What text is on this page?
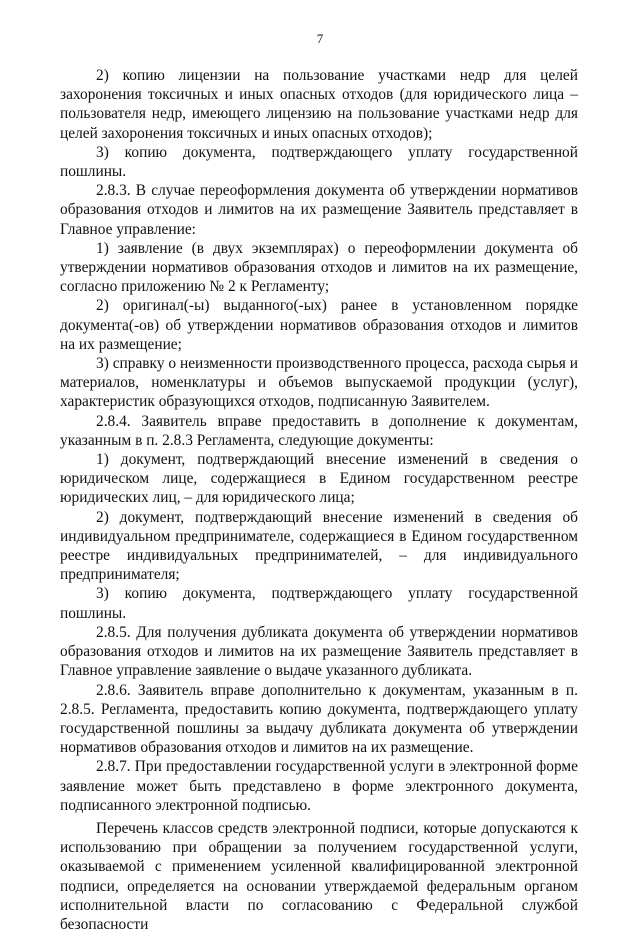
7

2) копию лицензии на пользование участками недр для целей захоронения токсичных и иных опасных отходов (для юридического лица – пользователя недр, имеющего лицензию на пользование участками недр для целей захоронения токсичных и иных опасных отходов);

3) копию документа, подтверждающего уплату государственной пошлины.

2.8.3. В случае переоформления документа об утверждении нормативов образования отходов и лимитов на их размещение Заявитель представляет в Главное управление:

1) заявление (в двух экземплярах) о переоформлении документа об утверждении нормативов образования отходов и лимитов на их размещение, согласно приложению № 2 к Регламенту;

2) оригинал(-ы) выданного(-ых) ранее в установленном порядке документа(-ов) об утверждении нормативов образования отходов и лимитов на их размещение;

3) справку о неизменности производственного процесса, расхода сырья и материалов, номенклатуры и объемов выпускаемой продукции (услуг), характеристик образующихся отходов, подписанную Заявителем.

2.8.4. Заявитель вправе предоставить в дополнение к документам, указанным в п. 2.8.3 Регламента, следующие документы:

1) документ, подтверждающий внесение изменений в сведения о юридическом лице, содержащиеся в Едином государственном реестре юридических лиц, – для юридического лица;

2) документ, подтверждающий внесение изменений в сведения об индивидуальном предпринимателе, содержащиеся в Едином государственном реестре индивидуальных предпринимателей, – для индивидуального предпринимателя;

3) копию документа, подтверждающего уплату государственной пошлины.

2.8.5. Для получения дубликата документа об утверждении нормативов образования отходов и лимитов на их размещение Заявитель представляет в Главное управление заявление о выдаче указанного дубликата.

2.8.6. Заявитель вправе дополнительно к документам, указанным в п. 2.8.5. Регламента, предоставить копию документа, подтверждающего уплату государственной пошлины за выдачу дубликата документа об утверждении нормативов образования отходов и лимитов на их размещение.

2.8.7. При предоставлении государственной услуги в электронной форме заявление может быть представлено в форме электронного документа, подписанного электронной подписью.

Перечень классов средств электронной подписи, которые допускаются к использованию при обращении за получением государственной услуги, оказываемой с применением усиленной квалифицированной электронной подписи, определяется на основании утверждаемой федеральным органом исполнительной власти по согласованию с Федеральной службой безопасности
